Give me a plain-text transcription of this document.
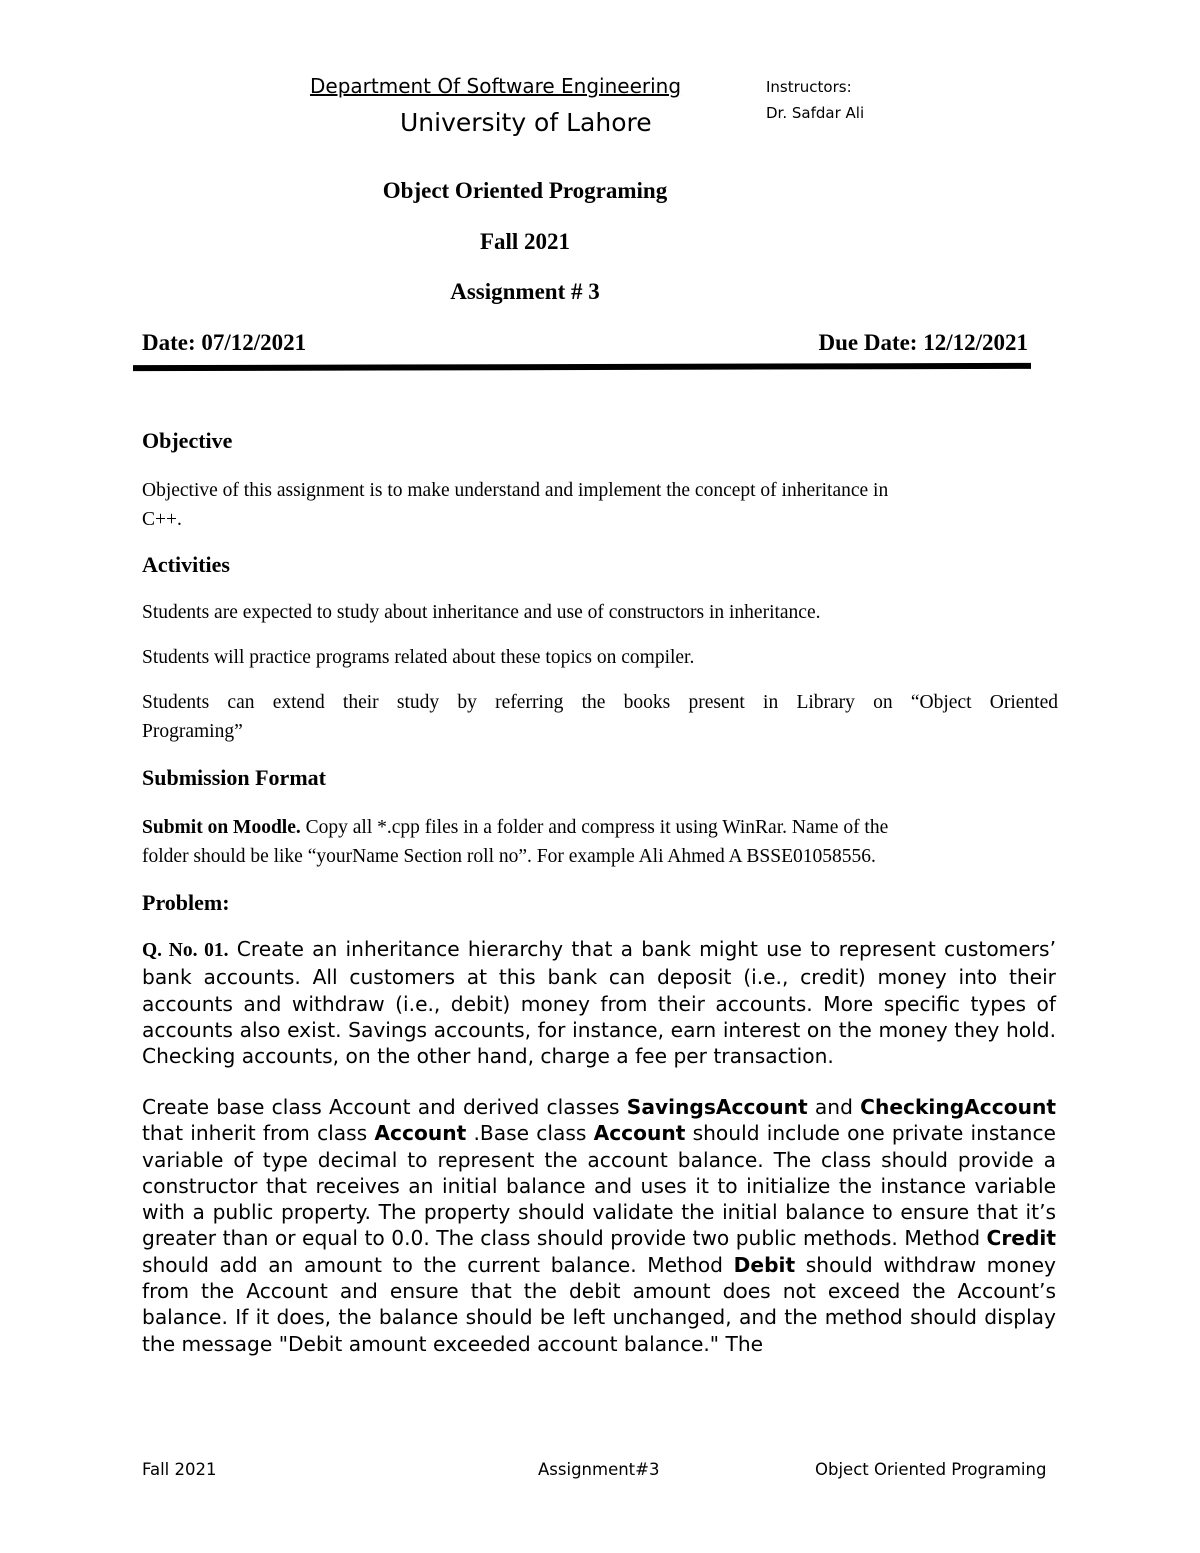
Department Of Software Engineering
University of Lahore
Instructors:
Dr. Safdar Ali
Object Oriented Programing
Fall 2021
Assignment # 3
Date: 07/12/2021	Due Date: 12/12/2021
Objective
Objective of this assignment is to make understand and implement the concept of inheritance in
C++.
Activities
Students are expected to study about inheritance and use of constructors in inheritance.
Students will practice programs related about these topics on compiler.
Students can extend their study by referring the books present in Library on “Object Oriented
Programing”
Submission Format
Submit on Moodle. Copy all *.cpp files in a folder and compress it using WinRar. Name of the
folder should be like “yourName Section roll no”. For example Ali Ahmed A BSSE01058556.
Problem:
Q. No. 01. Create an inheritance hierarchy that a bank might use to represent customers’ bank accounts. All customers at this bank can deposit (i.e., credit) money into their accounts and withdraw (i.e., debit) money from their accounts. More specific types of accounts also exist. Savings accounts, for instance, earn interest on the money they hold. Checking accounts, on the other hand, charge a fee per transaction.
Create base class Account and derived classes SavingsAccount and CheckingAccount that inherit from class Account .Base class Account should include one private instance variable of type decimal to represent the account balance. The class should provide a constructor that receives an initial balance and uses it to initialize the instance variable with a public property. The property should validate the initial balance to ensure that it’s greater than or equal to 0.0. The class should provide two public methods. Method Credit should add an amount to the current balance. Method Debit should withdraw money from the Account and ensure that the debit amount does not exceed the Account’s balance. If it does, the balance should be left unchanged, and the method should display the message "Debit amount exceeded account balance." The
Fall 2021	Assignment#3	Object Oriented Programing
